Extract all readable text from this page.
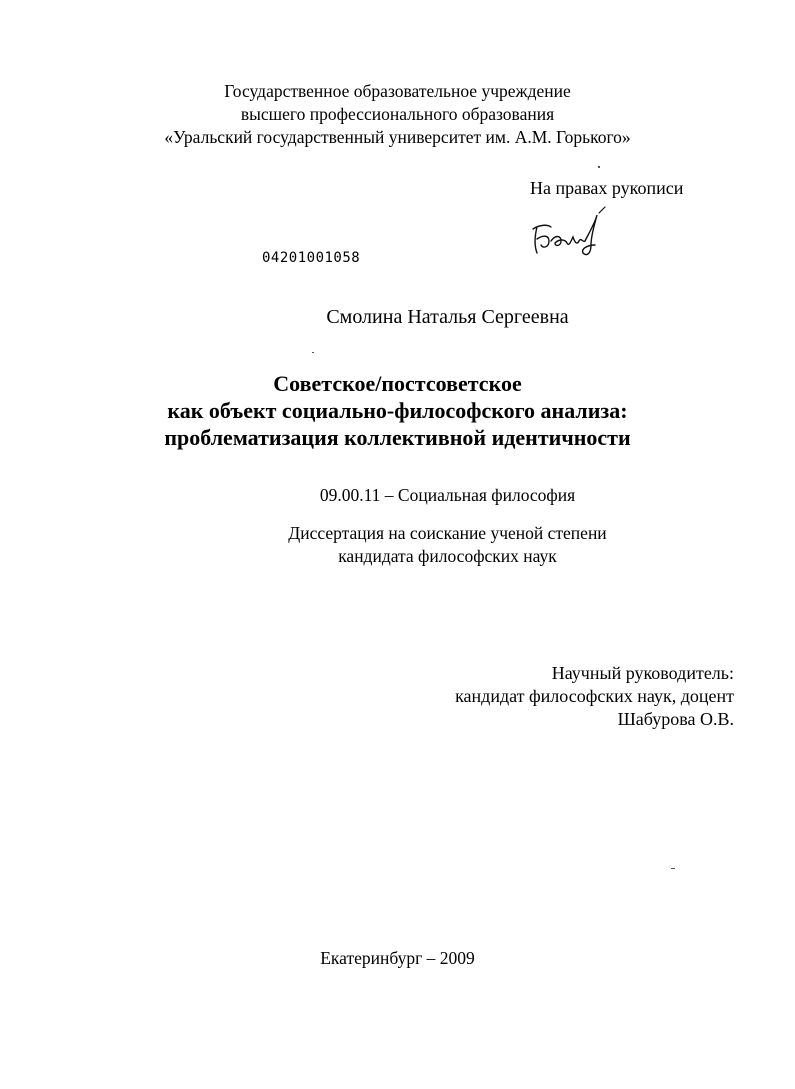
Государственное образовательное учреждение
высшего профессионального образования
«Уральский государственный университет им. А.М. Горького»
На правах рукописи
04201001058
Смолина Наталья Сергеевна
Советское/постсоветское
как объект социально-философского анализа:
проблематизация коллективной идентичности
09.00.11 – Социальная философия
Диссертация на соискание ученой степени
кандидата философских наук
Научный руководитель:
кандидат философских наук, доцент
Шабурова О.В.
Екатеринбург – 2009
